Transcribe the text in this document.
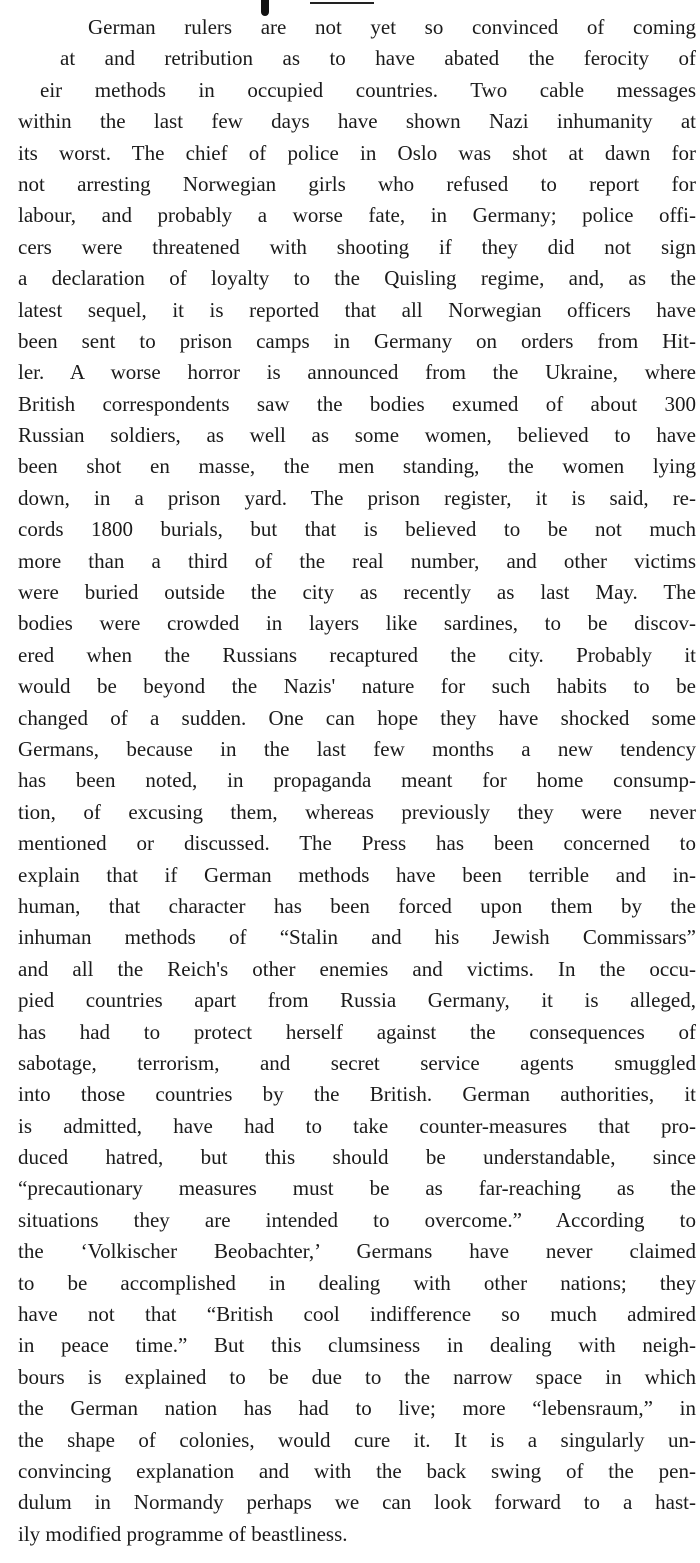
German rulers are not yet so convinced of coming
at and retribution as to have abated the ferocity of
eir methods in occupied countries. Two cable messages
within the last few days have shown Nazi inhumanity at
its worst. The chief of police in Oslo was shot at dawn for
not arresting Norwegian girls who refused to report for
labour, and probably a worse fate, in Germany; police offi-
cers were threatened with shooting if they did not sign
a declaration of loyalty to the Quisling regime, and, as the
latest sequel, it is reported that all Norwegian officers have
been sent to prison camps in Germany on orders from Hit-
ler. A worse horror is announced from the Ukraine, where
British correspondents saw the bodies exumed of about 300
Russian soldiers, as well as some women, believed to have
been shot en masse, the men standing, the women lying
down, in a prison yard. The prison register, it is said, re-
cords 1800 burials, but that is believed to be not much
more than a third of the real number, and other victims
were buried outside the city as recently as last May. The
bodies were crowded in layers like sardines, to be discov-
ered when the Russians recaptured the city. Probably it
would be beyond the Nazis' nature for such habits to be
changed of a sudden. One can hope they have shocked some
Germans, because in the last few months a new tendency
has been noted, in propaganda meant for home consump-
tion, of excusing them, whereas previously they were never
mentioned or discussed. The Press has been concerned to
explain that if German methods have been terrible and in-
human, that character has been forced upon them by the
inhuman methods of “Stalin and his Jewish Commissars”
and all the Reich's other enemies and victims. In the occu-
pied countries apart from Russia Germany, it is alleged,
has had to protect herself against the consequences of
sabotage, terrorism, and secret service agents smuggled
into those countries by the British. German authorities, it
is admitted, have had to take counter-measures that pro-
duced hatred, but this should be understandable, since
“precautionary measures must be as far-reaching as the
situations they are intended to overcome.” According to
the ‘Volkischer Beobachter,’ Germans have never claimed
to be accomplished in dealing with other nations; they
have not that “British cool indifference so much admired
in peace time.” But this clumsiness in dealing with neigh-
bours is explained to be due to the narrow space in which
the German nation has had to live; more “lebensraum,” in
the shape of colonies, would cure it. It is a singularly un-
convincing explanation and with the back swing of the pen-
dulum in Normandy perhaps we can look forward to a hast-
ily modified programme of beastliness.
